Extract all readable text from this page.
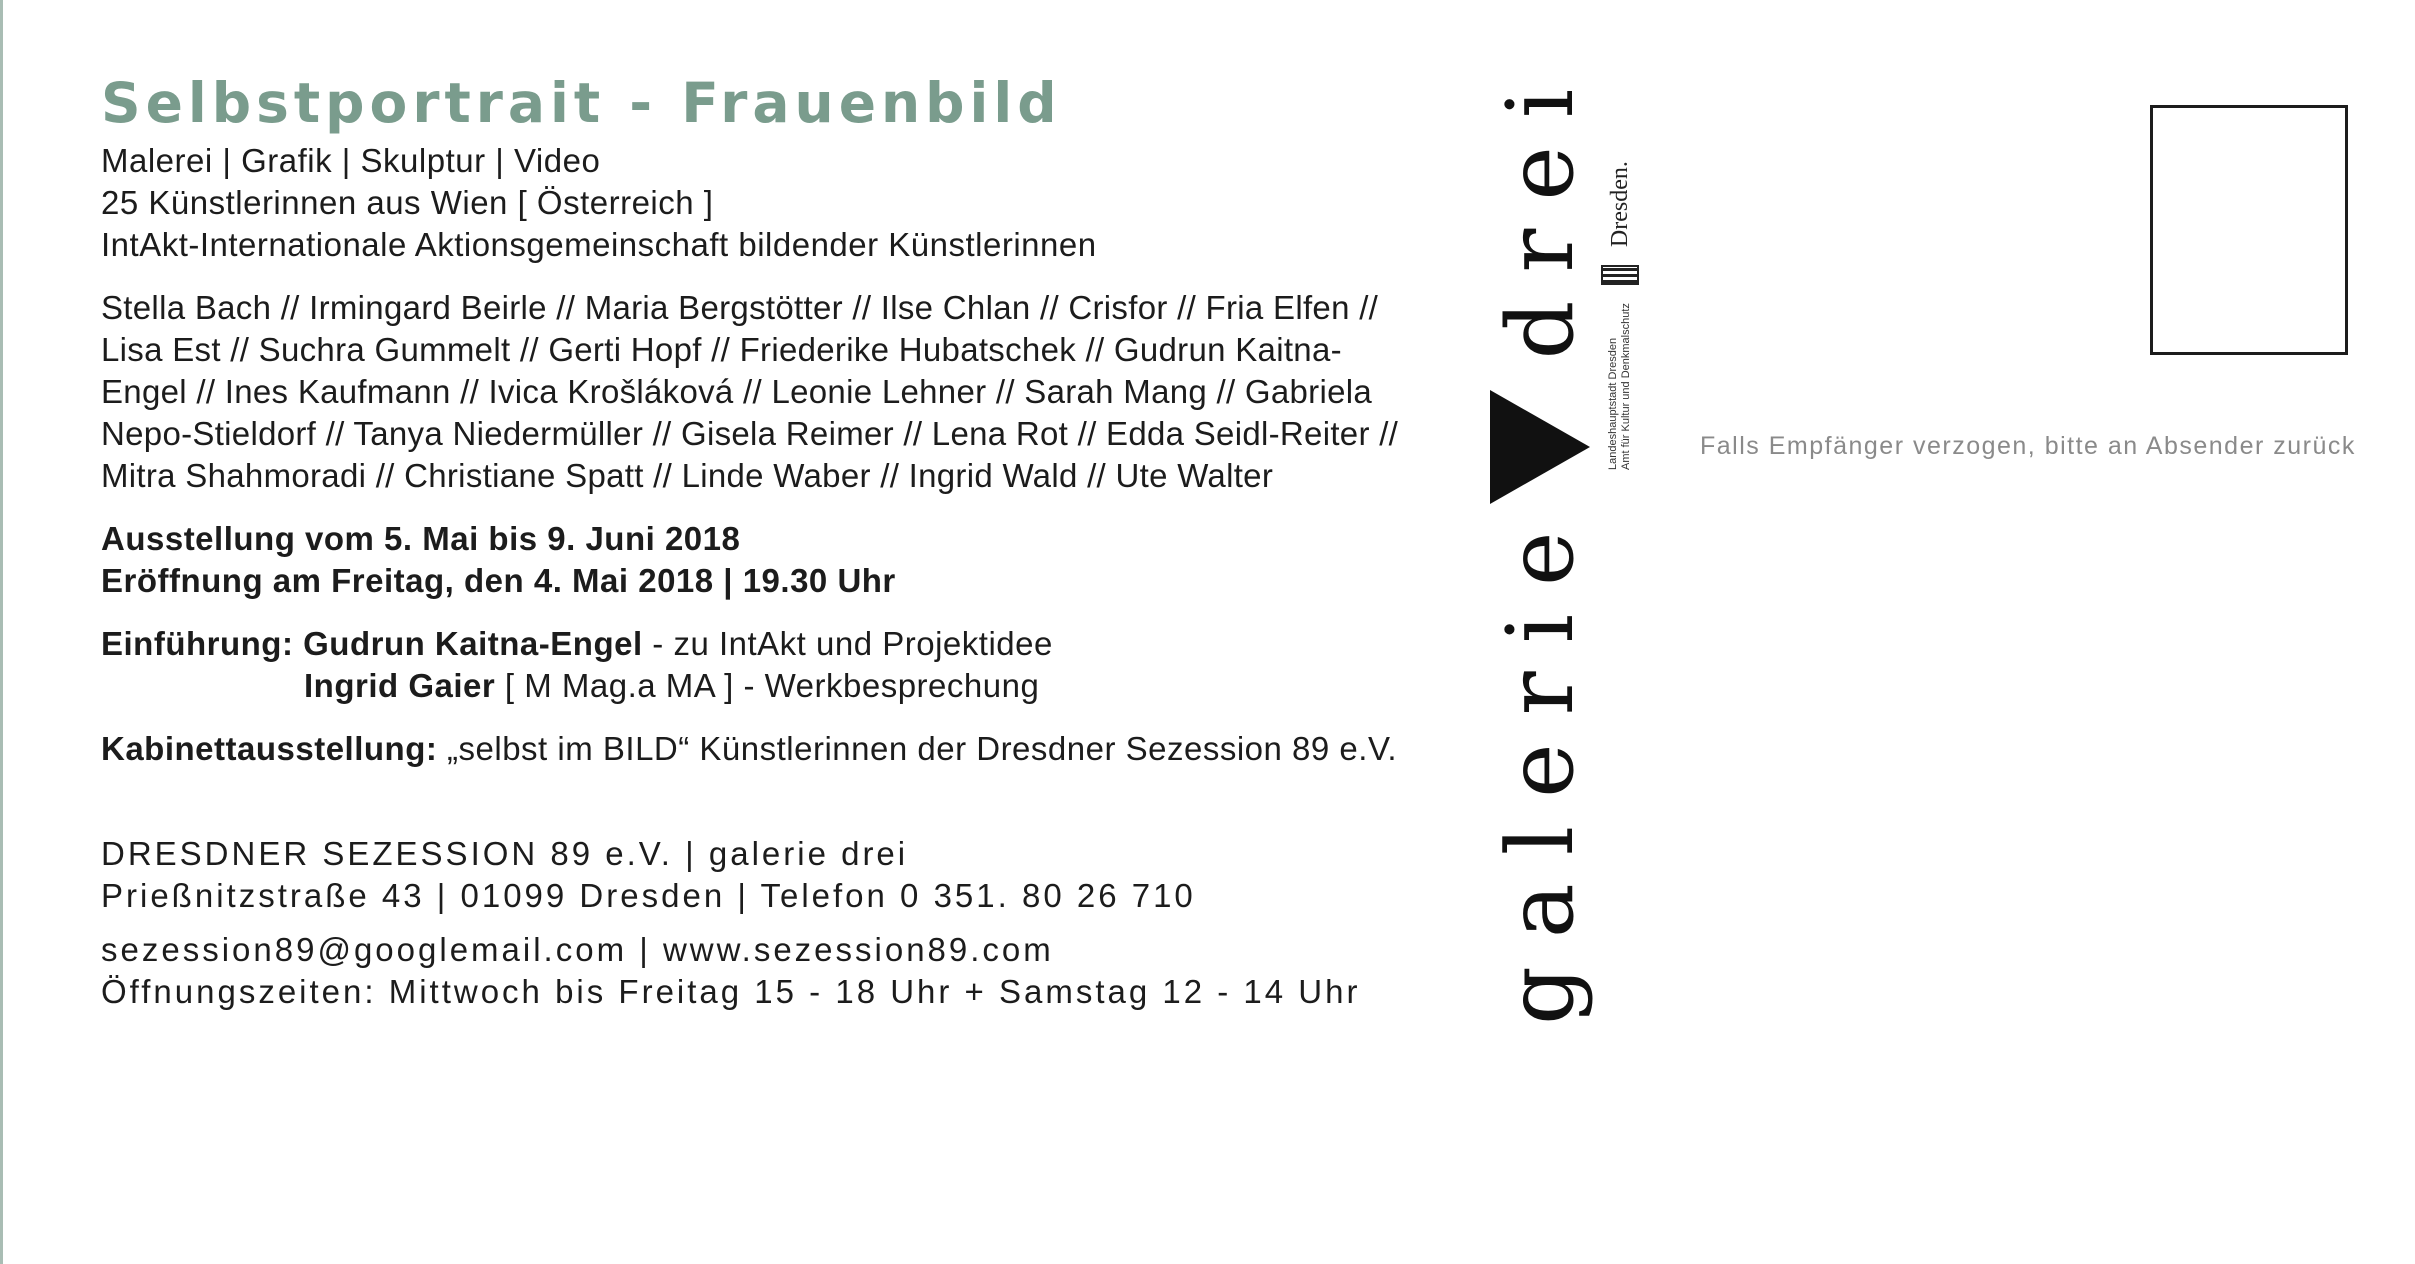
Selbstportrait - Frauenbild
Malerei | Grafik | Skulptur | Video
25 Künstlerinnen aus Wien [ Österreich ]
IntAkt-Internationale Aktionsgemeinschaft bildender Künstlerinnen
Stella Bach // Irmingard Beirle // Maria Bergstötter // Ilse Chlan // Crisfor // Fria Elfen //
Lisa Est // Suchra Gummelt // Gerti Hopf // Friederike Hubatschek // Gudrun Kaitna-
Engel // Ines Kaufmann // Ivica Krošláková // Leonie Lehner // Sarah Mang // Gabriela
Nepo-Stieldorf // Tanya Niedermüller // Gisela Reimer // Lena Rot // Edda Seidl-Reiter //
Mitra Shahmoradi // Christiane Spatt // Linde Waber // Ingrid Wald // Ute Walter
Ausstellung vom 5. Mai bis 9. Juni 2018
Eröffnung am Freitag, den 4. Mai 2018 | 19.30 Uhr
Einführung: Gudrun Kaitna-Engel - zu IntAkt und Projektidee
Ingrid Gaier [ M Mag.a MA ] - Werkbesprechung
Kabinettausstellung: „selbst im BILD“ Künstlerinnen der Dresdner Sezession 89 e.V.
DRESDNER SEZESSION 89 e.V. | galerie drei
Prießnitzstraße 43 | 01099 Dresden | Telefon 0 351. 80 26 710
sezession89@googlemail.com | www.sezession89.com
Öffnungszeiten: Mittwoch bis Freitag 15 - 18 Uhr + Samstag 12 - 14 Uhr	galerie
drei
Landeshauptstadt Dresden Amt für Kultur und Denkmalschutz
Dresden.
Falls Empfänger verzogen, bitte an Absender zurück
